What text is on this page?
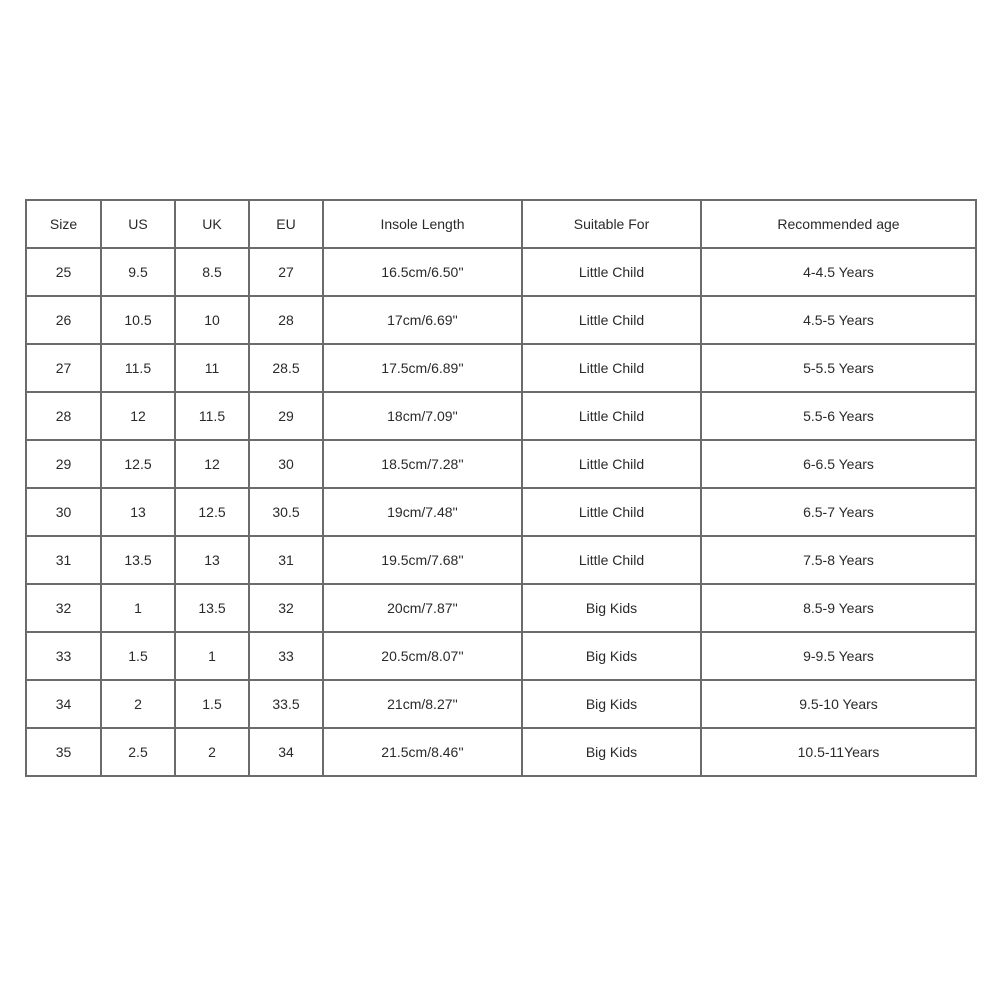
Size	US	UK	EU	Insole Length	Suitable For	Recommended age
25	9.5	8.5	27	16.5cm/6.50''	Little Child	4-4.5 Years
26	10.5	10	28	17cm/6.69''	Little Child	4.5-5 Years
27	11.5	11	28.5	17.5cm/6.89''	Little Child	5-5.5 Years
28	12	11.5	29	18cm/7.09''	Little Child	5.5-6 Years
29	12.5	12	30	18.5cm/7.28''	Little Child	6-6.5 Years
30	13	12.5	30.5	19cm/7.48''	Little Child	6.5-7 Years
31	13.5	13	31	19.5cm/7.68''	Little Child	7.5-8 Years
32	1	13.5	32	20cm/7.87''	Big Kids	8.5-9 Years
33	1.5	1	33	20.5cm/8.07''	Big Kids	9-9.5 Years
34	2	1.5	33.5	21cm/8.27''	Big Kids	9.5-10 Years
35	2.5	2	34	21.5cm/8.46''	Big Kids	10.5-11Years
